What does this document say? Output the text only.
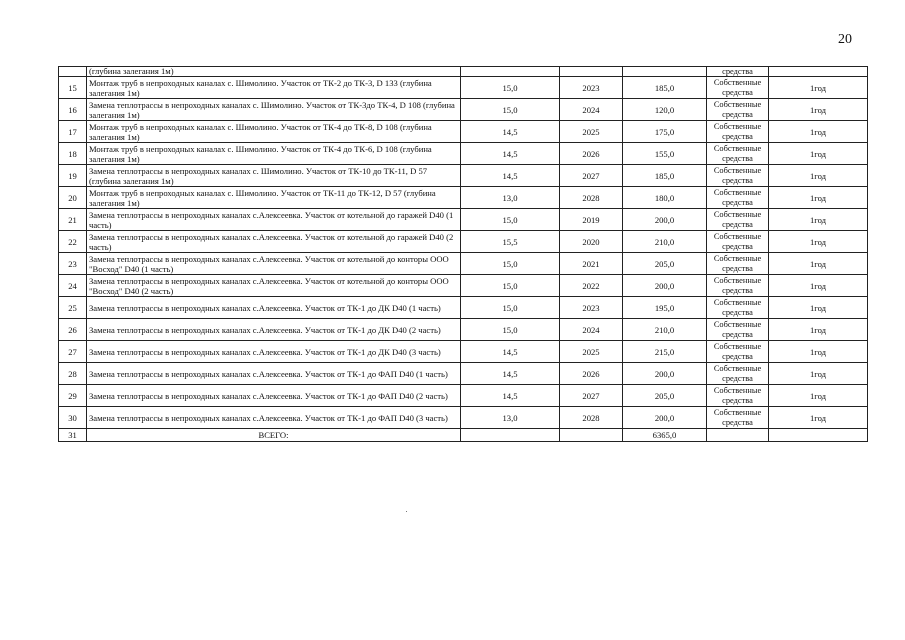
20
	(глубина залегания 1м)				средства	
15	Монтаж труб в непроходных каналах с. Шимолино. Участок от ТК-2 до ТК-3, D 133 (глубина залегания 1м)	15,0	2023	185,0	Собственные средства	1год
16	Замена теплотрассы в непроходных каналах с. Шимолино. Участок от ТК-3до ТК-4, D 108 (глубина залегания 1м)	15,0	2024	120,0	Собственные средства	1год
17	Монтаж труб в непроходных каналах с. Шимолино. Участок от ТК-4 до ТК-8, D 108 (глубина залегания 1м)	14,5	2025	175,0	Собственные средства	1год
18	Монтаж труб в непроходных каналах с. Шимолино. Участок от ТК-4 до ТК-6, D 108 (глубина залегания 1м)	14,5	2026	155,0	Собственные средства	1год
19	Замена теплотрассы в непроходных каналах с. Шимолино. Участок от ТК-10 до ТК-11, D 57 (глубина залегания 1м)	14,5	2027	185,0	Собственные средства	1год
20	Монтаж труб в непроходных каналах с. Шимолино. Участок от ТК-11 до ТК-12, D 57 (глубина залегания 1м)	13,0	2028	180,0	Собственные средства	1год
21	Замена теплотрассы в непроходных каналах с.Алексеевка. Участок от котельной до гаражей D40 (1 часть)	15,0	2019	200,0	Собственные средства	1год
22	Замена теплотрассы в непроходных каналах с.Алексеевка. Участок от котельной до гаражей D40 (2 часть)	15,5	2020	210,0	Собственные средства	1год
23	Замена теплотрассы в непроходных каналах с.Алексеевка. Участок от котельной до конторы ООО "Восход" D40 (1 часть)	15,0	2021	205,0	Собственные средства	1год
24	Замена теплотрассы в непроходных каналах с.Алексеевка. Участок от котельной до конторы ООО "Восход" D40 (2 часть)	15,0	2022	200,0	Собственные средства	1год
25	Замена теплотрассы в непроходных каналах с.Алексеевка. Участок от ТК-1 до ДК D40 (1 часть)	15,0	2023	195,0	Собственные средства	1год
26	Замена теплотрассы в непроходных каналах с.Алексеевка. Участок от ТК-1 до ДК D40 (2 часть)	15,0	2024	210,0	Собственные средства	1год
27	Замена теплотрассы в непроходных каналах с.Алексеевка. Участок от ТК-1 до ДК D40 (3 часть)	14,5	2025	215,0	Собственные средства	1год
28	Замена теплотрассы в непроходных каналах с.Алексеевка. Участок от ТК-1 до ФАП D40 (1 часть)	14,5	2026	200,0	Собственные средства	1год
29	Замена теплотрассы в непроходных каналах с.Алексеевка. Участок от ТК-1 до ФАП D40 (2 часть)	14,5	2027	205,0	Собственные средства	1год
30	Замена теплотрассы в непроходных каналах с.Алексеевка. Участок от ТК-1 до ФАП D40 (3 часть)	13,0	2028	200,0	Собственные средства	1год
31	ВСЕГО:			6365,0		
